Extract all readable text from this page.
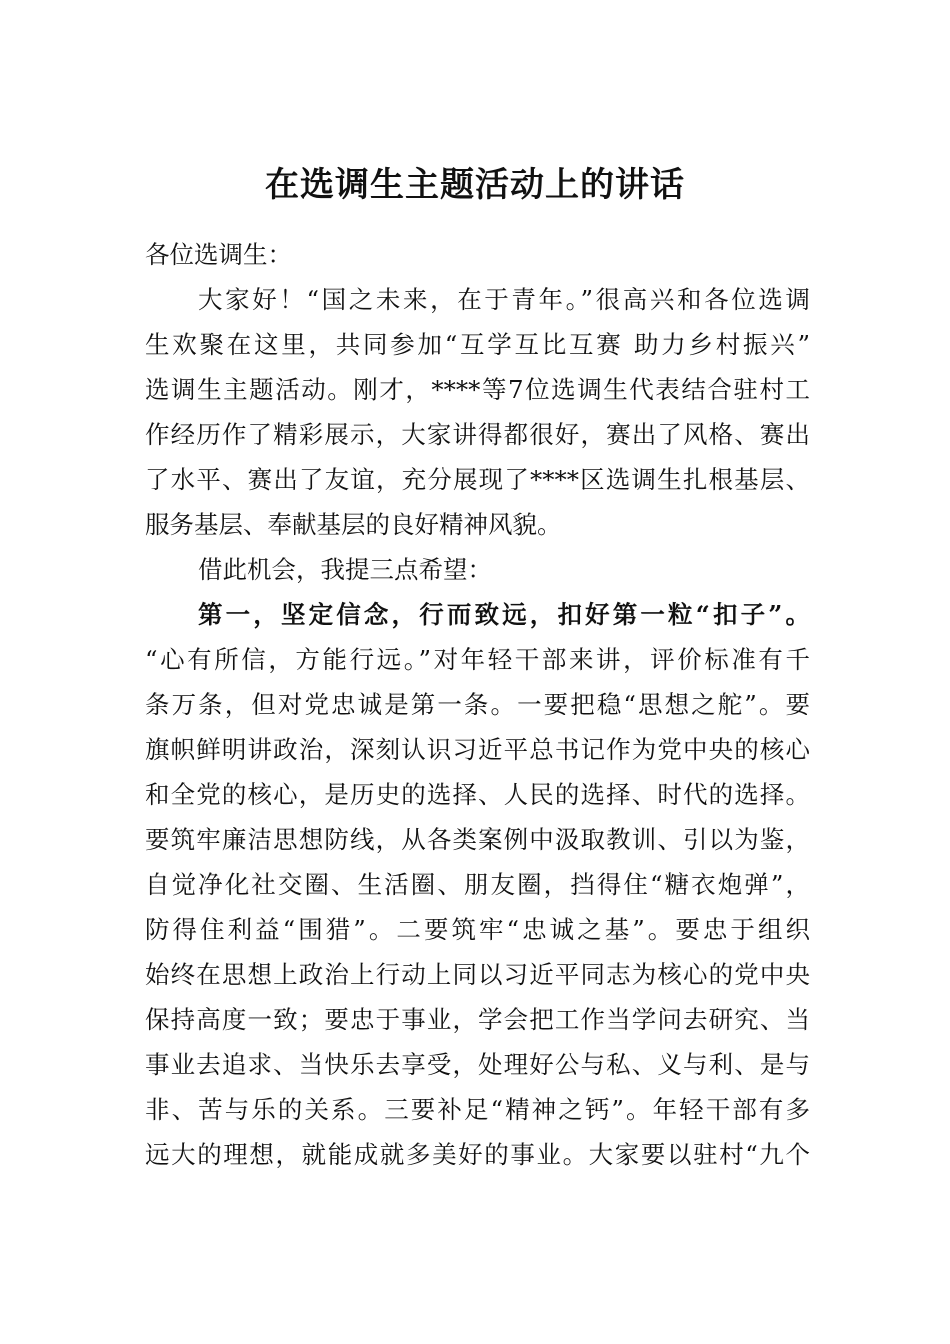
在选调生主题活动上的讲话
各位选调生：
大家好！“国之未来，在于青年。”很高兴和各位选调
生欢聚在这里，共同参加“互学互比互赛 助力乡村振兴”
选调生主题活动。刚才，****等7位选调生代表结合驻村工
作经历作了精彩展示，大家讲得都很好，赛出了风格、赛出
了水平、赛出了友谊，充分展现了****区选调生扎根基层、
服务基层、奉献基层的良好精神风貌。
借此机会，我提三点希望：
第一，坚定信念，行而致远，扣好第一粒“扣子”。
“心有所信，方能行远。”对年轻干部来讲，评价标准有千
条万条，但对党忠诚是第一条。一要把稳“思想之舵”。要
旗帜鲜明讲政治，深刻认识习近平总书记作为党中央的核心
和全党的核心，是历史的选择、人民的选择、时代的选择。
要筑牢廉洁思想防线，从各类案例中汲取教训、引以为鉴，
自觉净化社交圈、生活圈、朋友圈，挡得住“糖衣炮弹”，
防得住利益“围猎”。二要筑牢“忠诚之基”。要忠于组织
始终在思想上政治上行动上同以习近平同志为核心的党中央
保持高度一致；要忠于事业，学会把工作当学问去研究、当
事业去追求、当快乐去享受，处理好公与私、义与利、是与
非、苦与乐的关系。三要补足“精神之钙”。年轻干部有多
远大的理想，就能成就多美好的事业。大家要以驻村“九个
